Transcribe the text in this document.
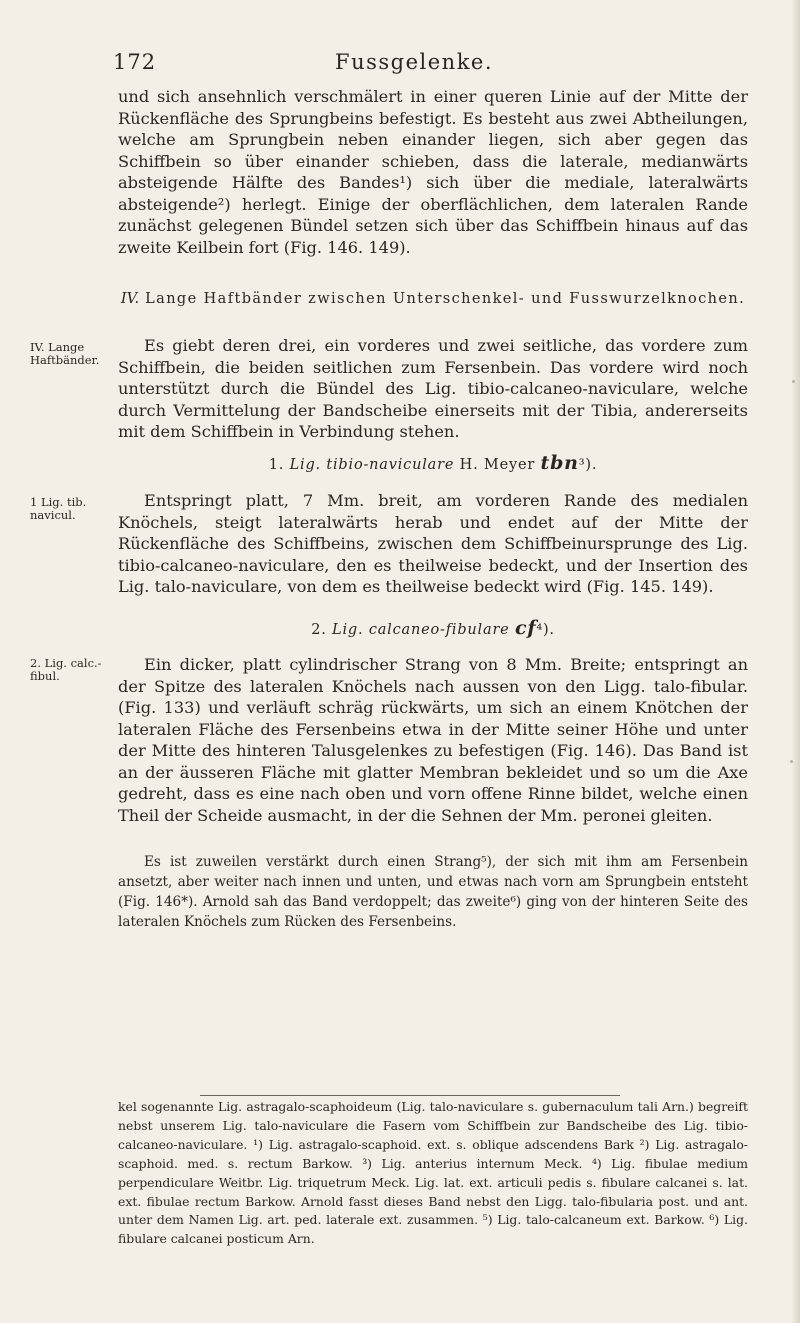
172	Fussgelenke.

und sich ansehnlich verschmälert in einer queren Linie auf der Mitte der Rückenfläche des Sprungbeins befestigt. Es besteht aus zwei Abtheilungen, welche am Sprungbein neben einander liegen, sich aber gegen das Schiffbein so über einander schieben, dass die laterale, medianwärts absteigende Hälfte des Bandes¹) sich über die mediale, lateralwärts absteigende²) herlegt. Einige der oberflächlichen, dem lateralen Rande zunächst gelegenen Bündel setzen sich über das Schiffbein hinaus auf das zweite Keilbein fort (Fig. 146. 149).

IV. Lange Haftbänder zwischen Unterschenkel- und Fusswurzelknochen.

IV. Lange Haftbänder.

Es giebt deren drei, ein vorderes und zwei seitliche, das vordere zum Schiffbein, die beiden seitlichen zum Fersenbein. Das vordere wird noch unterstützt durch die Bündel des Lig. tibio-calcaneo-naviculare, welche durch Vermittelung der Bandscheibe einerseits mit der Tibia, andererseits mit dem Schiffbein in Verbindung stehen.

1. Lig. tibio-naviculare H. Meyer tbn³).

1 Lig. tib. navicul.

Entspringt platt, 7 Mm. breit, am vorderen Rande des medialen Knöchels, steigt lateralwärts herab und endet auf der Mitte der Rückenfläche des Schiffbeins, zwischen dem Schiffbeinursprunge des Lig. tibio-calcaneo-naviculare, den es theilweise bedeckt, und der Insertion des Lig. talo-naviculare, von dem es theilweise bedeckt wird (Fig. 145. 149).

2. Lig. calcaneo-fibulare cf⁴).

2. Lig. calc.-fibul.

Ein dicker, platt cylindrischer Strang von 8 Mm. Breite; entspringt an der Spitze des lateralen Knöchels nach aussen von den Ligg. talo-fibular. (Fig. 133) und verläuft schräg rückwärts, um sich an einem Knötchen der lateralen Fläche des Fersenbeins etwa in der Mitte seiner Höhe und unter der Mitte des hinteren Talusgelenkes zu befestigen (Fig. 146). Das Band ist an der äusseren Fläche mit glatter Membran bekleidet und so um die Axe gedreht, dass es eine nach oben und vorn offene Rinne bildet, welche einen Theil der Scheide ausmacht, in der die Sehnen der Mm. peronei gleiten.

Es ist zuweilen verstärkt durch einen Strang⁵), der sich mit ihm am Fersenbein ansetzt, aber weiter nach innen und unten, und etwas nach vorn am Sprungbein entsteht (Fig. 146*). Arnold sah das Band verdoppelt; das zweite⁶) ging von der hinteren Seite des lateralen Knöchels zum Rücken des Fersenbeins.

kel sogenannte Lig. astragalo-scaphoideum (Lig. talo-naviculare s. gubernaculum tali Arn.) begreift nebst unserem Lig. talo-naviculare die Fasern vom Schiffbein zur Bandscheibe des Lig. tibio-calcaneo-naviculare. ¹) Lig. astragalo-scaphoid. ext. s. oblique adscendens Bark ²) Lig. astragalo-scaphoid. med. s. rectum Barkow. ³) Lig. anterius internum Meck. ⁴) Lig. fibulae medium perpendiculare Weitbr. Lig. triquetrum Meck. Lig. lat. ext. articuli pedis s. fibulare calcanei s. lat. ext. fibulae rectum Barkow. Arnold fasst dieses Band nebst den Ligg. talo-fibularia post. und ant. unter dem Namen Lig. art. ped. laterale ext. zusammen. ⁵) Lig. talo-calcaneum ext. Barkow. ⁶) Lig. fibulare calcanei posticum Arn.
